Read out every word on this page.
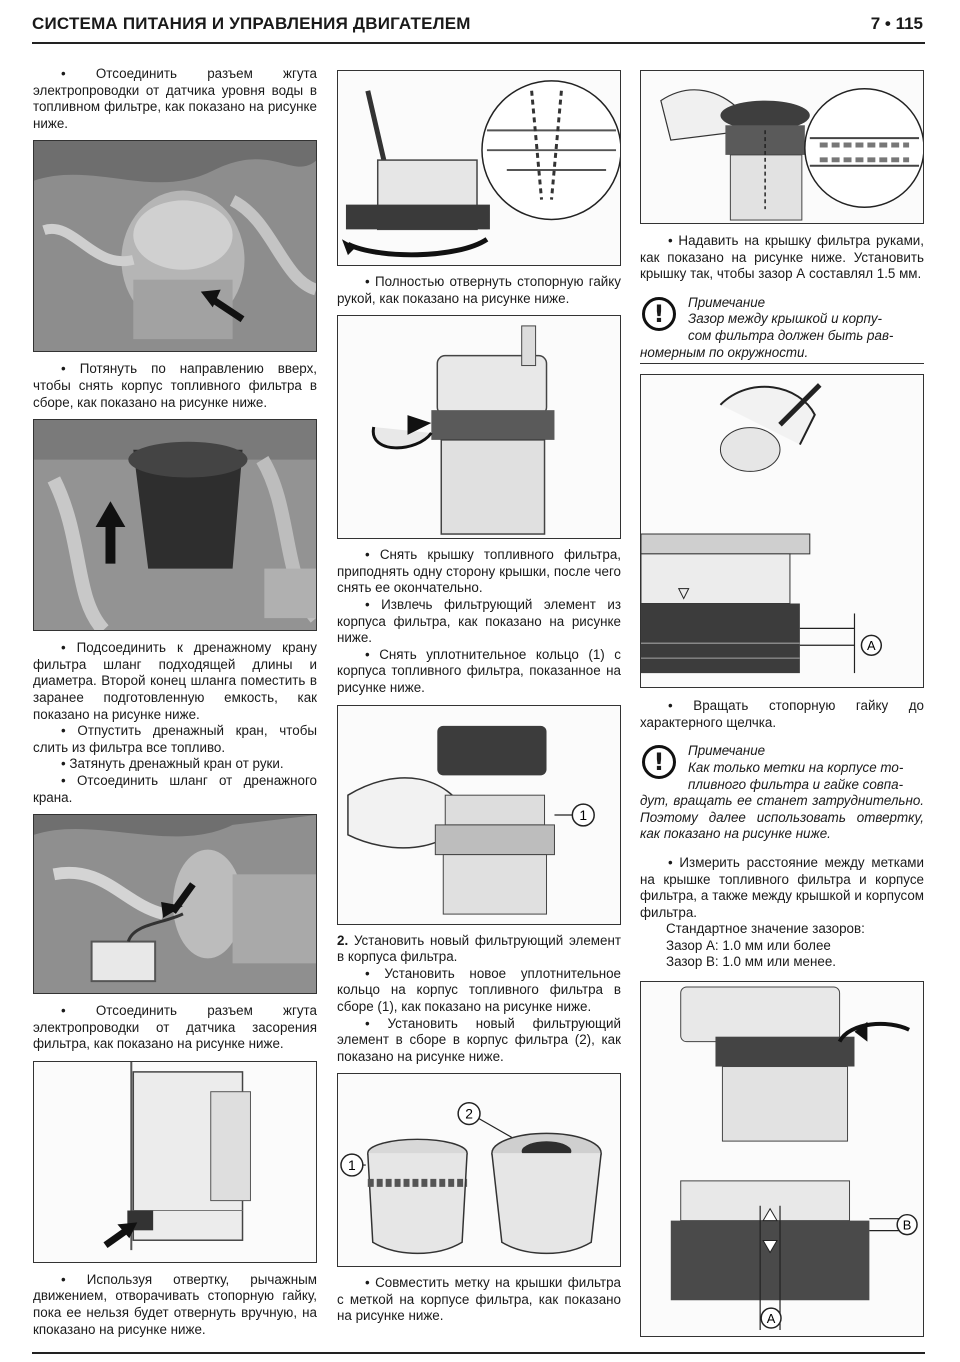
СИСТЕМА ПИТАНИЯ И УПРАВЛЕНИЯ ДВИГАТЕЛЕМ	7 • 115

• Отсоединить разъем жгута электропроводки от датчика уровня воды в топливном фильтре, как показано на рисунке ниже.

• Потянуть по направлению вверх, чтобы снять корпус топливного фильтра в сборе, как показано на рисунке ниже.

• Подсоединить к дренажному крану фильтра шланг подходящей длины и диаметра. Второй конец шланга поместить в заранее подготовленную емкость, как показано на рисунке ниже.

• Отпустить дренажный кран, чтобы слить из фильтра все топливо.

• Затянуть дренажный кран от руки.

• Отсоединить шланг от дренажного крана.

• Отсоединить разъем жгута электропроводки от датчика засорения фильтра, как показано на рисунке ниже.

• Используя отвертку, рычажным движением, отворачивать стопорную гайку, пока ее нельзя будет отвернуть вручную, на кпоказано на рисунке ниже.

• Полностью отвернуть стопорную гайку рукой, как показано на рисунке ниже.

• Снять крышку топливного фильтра, приподнять одну сторону крышки, после чего снять ее окончательно.

• Извлечь фильтрующий элемент из корпуса фильтра, как показано на рисунке ниже.

• Снять уплотнительное кольцо (1) с корпуса топливного фильтра, показанное на рисунке ниже.

1

2. Установить новый фильтрующий элемент в корпуса фильтра.

• Установить новое уплотнительное кольцо на корпус топливного фильтра в сборе (1), как показано на рисунке ниже.

• Установить новый фильтрующий элемент в сборе в корпус фильтра (2), как показано на рисунке ниже.

1
2

• Совместить метку на крышки фильтра с меткой на корпусе фильтра, как показано на рисунке ниже.

• Надавить на крышку фильтра руками, как показано на рисунке ниже. Установить крышку так, чтобы зазор А составлял 1.5 мм.

!	Примечание

Зазор между крышкой и корпу-

сом фильтра должен быть рав-

номерным по окружности.

A

• Вращать стопорную гайку до характерного щелчка.

!	Примечание

Как только метки на корпусе то-

пливного фильтра и гайке совпа-

дут, вращать ее станет затруднительно. Поэтому далее использовать отвертку, как показано на рисунке ниже.

• Измерить расстояние между метками на крышке топливного фильтра и корпусе фильтра, а также между крышкой и корпусом фильтра.

Стандартное значение зазоров:

Зазор А: 1.0 мм или более

Зазор В: 1.0 мм или менее.

B
A
